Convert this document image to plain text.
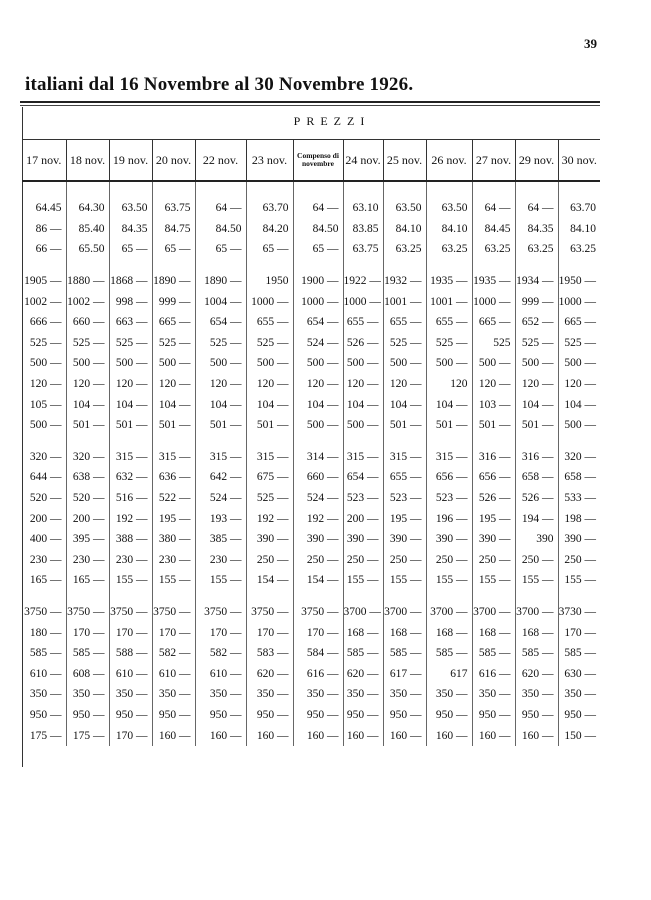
39
italiani dal 16 Novembre al 30 Novembre 1926.
PREZZI
17 nov.	18 nov.	19 nov.	20 nov.	22 nov.	23 nov.	Compenso di novembre	24 nov.	25 nov.	26 nov.	27 nov.	29 nov.	30 nov.

64.45	64.30	63.50	63.75	64 —	63.70	64 —	63.10	63.50	63.50	64 —	64 —	63.70
86 —	85.40	84.35	84.75	84.50	84.20	84.50	83.85	84.10	84.10	84.45	84.35	84.10
66 —	65.50	65 —	65 —	65 —	65 —	65 —	63.75	63.25	63.25	63.25	63.25	63.25

1905 —	1880 —	1868 —	1890 —	1890 —	1950	1900 —	1922 —	1932 —	1935 —	1935 —	1934 —	1950 —
1002 —	1002 —	998 —	999 —	1004 —	1000 —	1000 —	1000 —	1001 —	1001 —	1000 —	999 —	1000 —
666 —	660 —	663 —	665 —	654 —	655 —	654 —	655 —	655 —	655 —	665 —	652 —	665 —
525 —	525 —	525 —	525 —	525 —	525 —	524 —	526 —	525 —	525 —	525	525 —	525 —
500 —	500 —	500 —	500 —	500 —	500 —	500 —	500 —	500 —	500 —	500 —	500 —	500 —
120 —	120 —	120 —	120 —	120 —	120 —	120 —	120 —	120 —	120	120 —	120 —	120 —
105 —	104 —	104 —	104 —	104 —	104 —	104 —	104 —	104 —	104 —	103 —	104 —	104 —
500 —	501 —	501 —	501 —	501 —	501 —	500 —	500 —	501 —	501 —	501 —	501 —	500 —

320 —	320 —	315 —	315 —	315 —	315 —	314 —	315 —	315 —	315 —	316 —	316 —	320 —
644 —	638 —	632 —	636 —	642 —	675 —	660 —	654 —	655 —	656 —	656 —	658 —	658 —
520 —	520 —	516 —	522 —	524 —	525 —	524 —	523 —	523 —	523 —	526 —	526 —	533 —
200 —	200 —	192 —	195 —	193 —	192 —	192 —	200 —	195 —	196 —	195 —	194 —	198 —
400 —	395 —	388 —	380 —	385 —	390 —	390 —	390 —	390 —	390 —	390 —	390	390 —
230 —	230 —	230 —	230 —	230 —	250 —	250 —	250 —	250 —	250 —	250 —	250 —	250 —
165 —	165 —	155 —	155 —	155 —	154 —	154 —	155 —	155 —	155 —	155 —	155 —	155 —

3750 —	3750 —	3750 —	3750 —	3750 —	3750 —	3750 —	3700 —	3700 —	3700 —	3700 —	3700 —	3730 —
180 —	170 —	170 —	170 —	170 —	170 —	170 —	168 —	168 —	168 —	168 —	168 —	170 —
585 —	585 —	588 —	582 —	582 —	583 —	584 —	585 —	585 —	585 —	585 —	585 —	585 —
610 —	608 —	610 —	610 —	610 —	620 —	616 —	620 —	617 —	617	616 —	620 —	630 —
350 —	350 —	350 —	350 —	350 —	350 —	350 —	350 —	350 —	350 —	350 —	350 —	350 —
950 —	950 —	950 —	950 —	950 —	950 —	950 —	950 —	950 —	950 —	950 —	950 —	950 —
175 —	175 —	170 —	160 —	160 —	160 —	160 —	160 —	160 —	160 —	160 —	160 —	150 —
